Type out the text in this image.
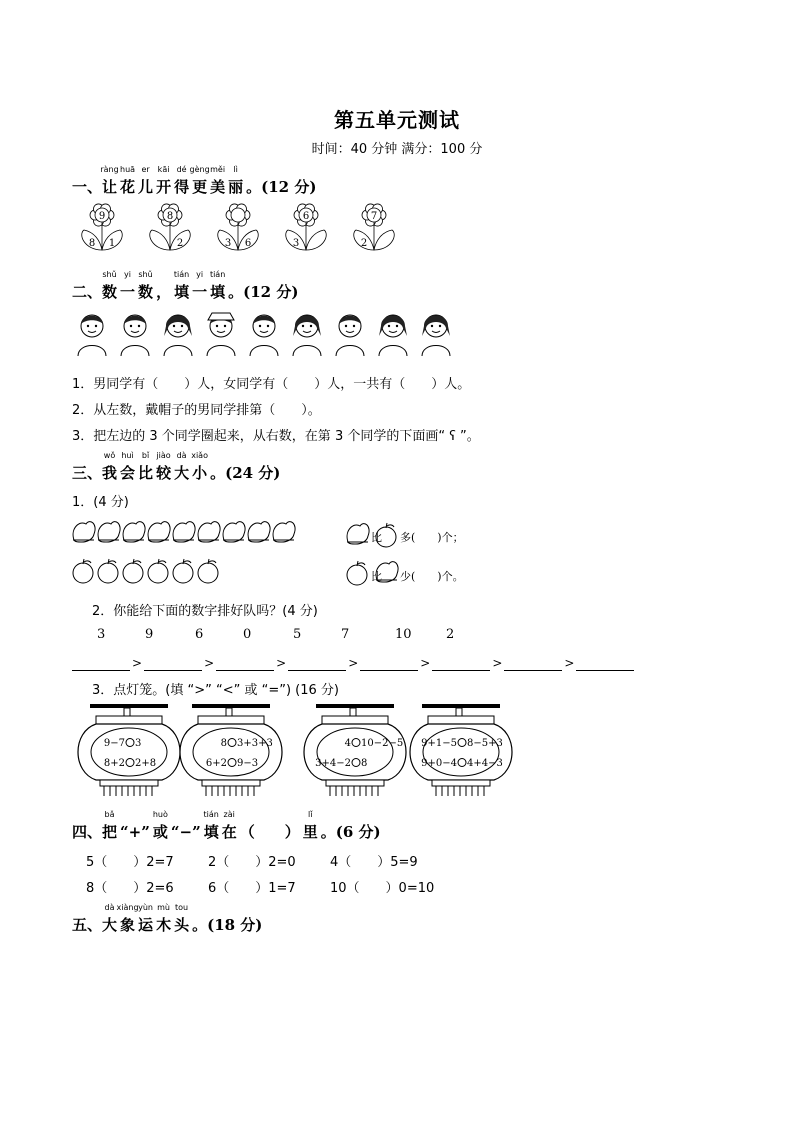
第五单元测试
时间：40 分钟 满分：100 分
一、让
ràng
花
huā
儿
er
开
kāi
得
dé
更
gèng
美
měi
丽
lì
。(12 分)
9
8 1
8
2	3 6
6
3
7
2
二、数
shǔ
一
yi
数
shǔ
， 填
tián
一
yi
填
tián
。(12 分)
1．男同学有（　　）人，女同学有（　　）人，一共有（　　）人。
2．从左数，戴帽子的男同学排第（　　）。
3．把左边的 3 个同学圈起来，从右数，在第 3 个同学的下面画“ ʕ ”。
三、我
wǒ
会
huì
比
bǐ
较
jiào
大
dà
小
xiǎo
。(24 分)
1．(4 分)
比 多(　　)个；
比 少(　　)个。
2．你能给下面的数字排好队吗？(4 分)
3	9	6	0	5	7	10	2
>	>	>	>	>	>	>
3．点灯笼。(填 “>” “<” 或 “=”) (16 分)
9−7 3
8+2 2+8
8 3+3+3
6+2 9−3
4 10−2−5
3+4−2 8
9+1−5 8−5+3
9+0−4 4+4−3
四、把
bǎ
“+” 或
huò
“−” 填
tián
在
zài
（　　） 里
lǐ
。(6 分)
5（　　）2=7	2（　　）2=0	4（　　）5=9
8（　　）2=6	6（　　）1=7	10（　　）0=10
五、大
dà
象
xiàng
运
yùn
木
mù
头
tou
。(18 分)
